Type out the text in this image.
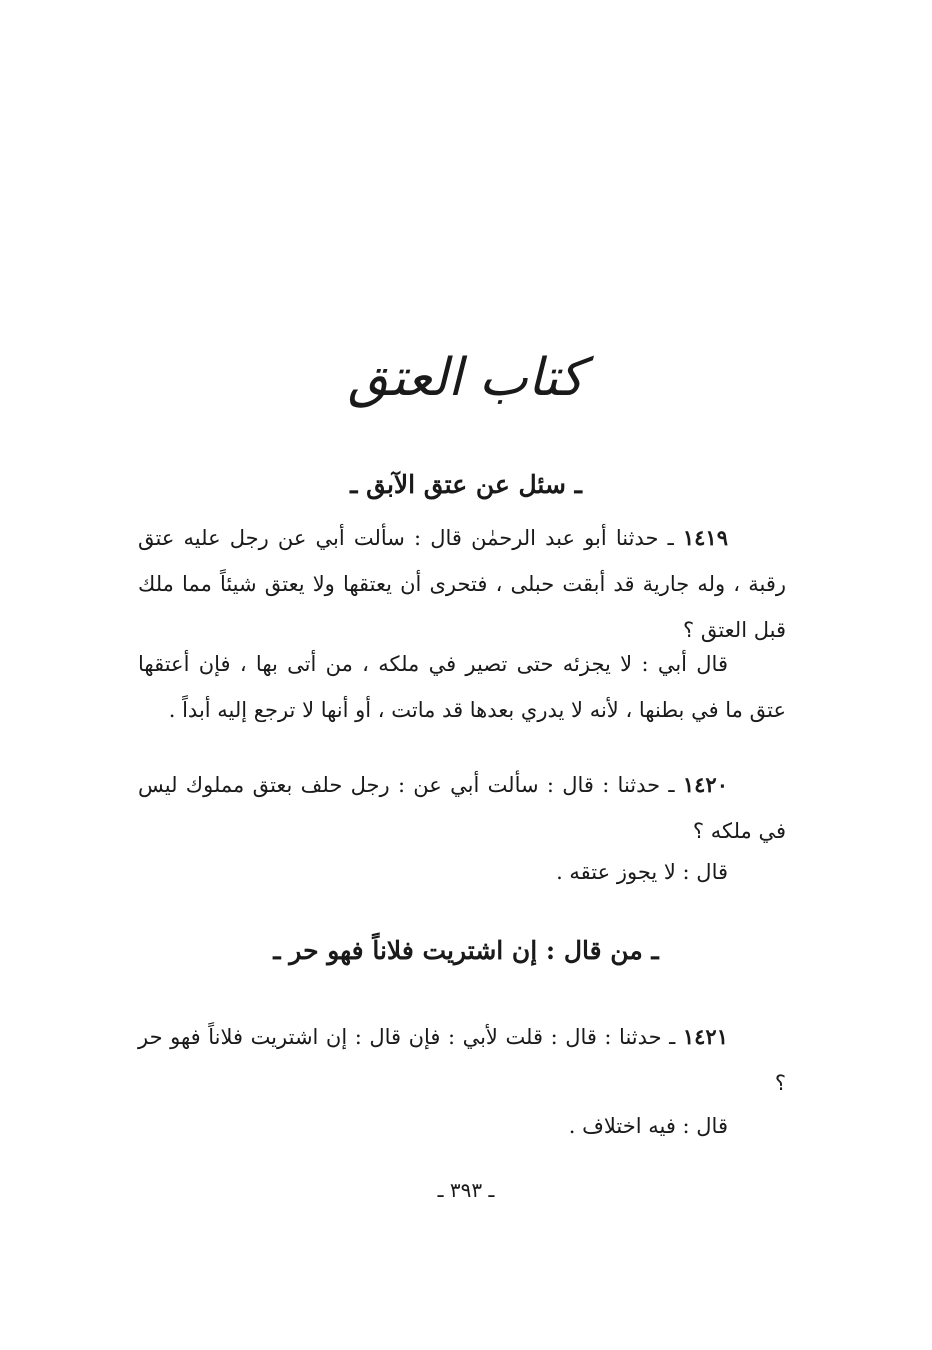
كتاب العتق
ـ سئل عن عتق الآبق ـ
١٤١٩ ـ حدثنا أبو عبد الرحمٰن قال : سألت أبي عن رجل عليه عتق رقبة ، وله جارية قد أبقت حبلى ، فتحرى أن يعتقها ولا يعتق شيئاً مما ملك قبل العتق ؟
قال أبي : لا يجزئه حتى تصير في ملكه ، من أتى بها ، فإن أعتقها عتق ما في بطنها ، لأنه لا يدري بعدها قد ماتت ، أو أنها لا ترجع إليه أبداً .
١٤٢٠ ـ حدثنا : قال : سألت أبي عن : رجل حلف بعتق مملوك ليس في ملكه ؟
قال : لا يجوز عتقه .
ـ من قال : إن اشتريت فلاناً فهو حر ـ
١٤٢١ ـ حدثنا : قال : قلت لأبي : فإن قال : إن اشتريت فلاناً فهو حر ؟
قال : فيه اختلاف .
ـ ٣٩٣ ـ
